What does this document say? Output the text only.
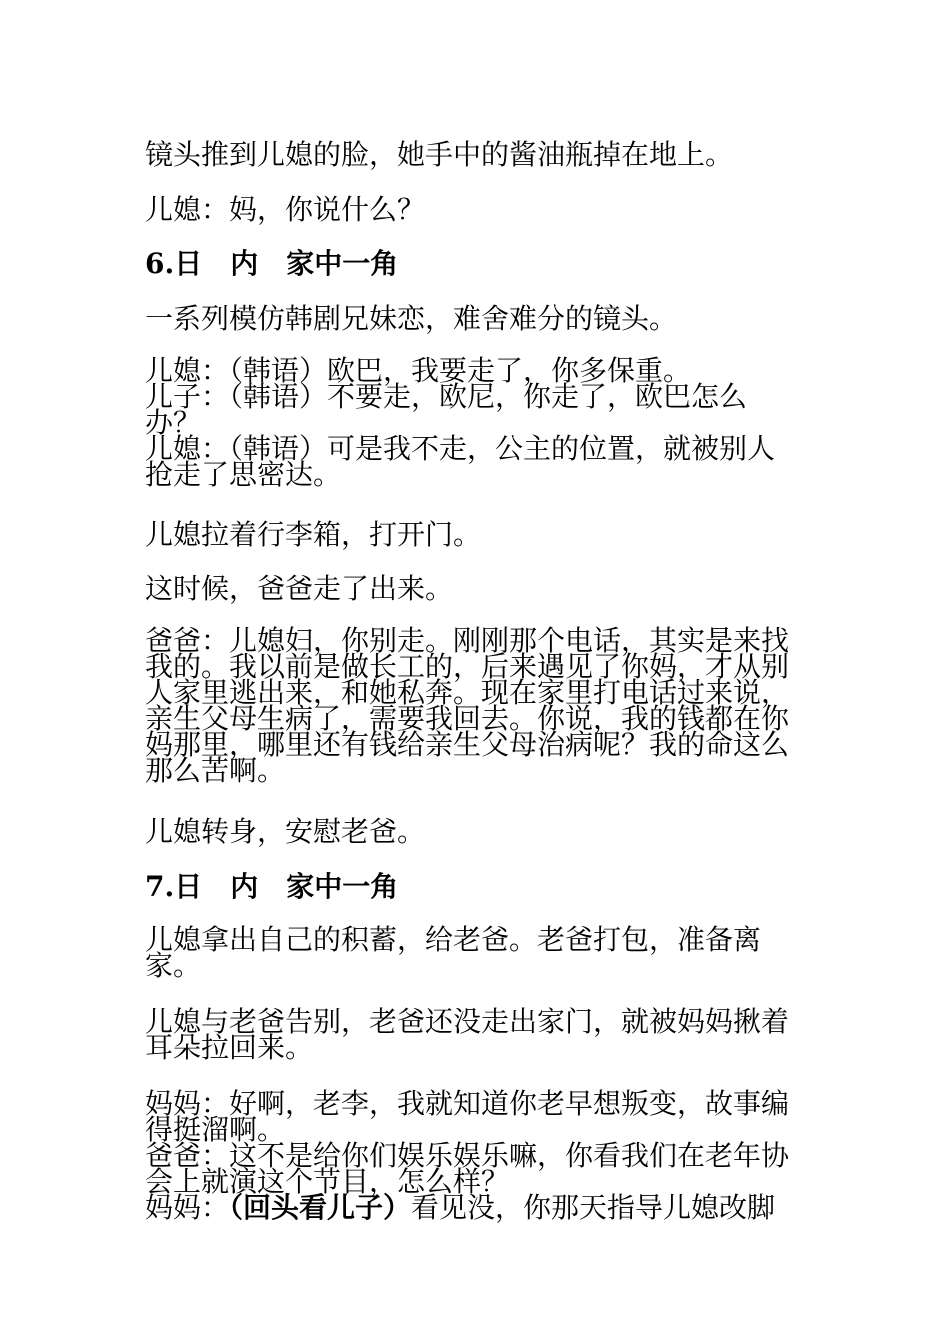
镜头推到儿媳的脸，她手中的酱油瓶掉在地上。
儿媳：妈，你说什么？
6.日　内　家中一角
一系列模仿韩剧兄妹恋，难舍难分的镜头。
儿媳：（韩语）欧巴，我要走了，你多保重。
儿子：（韩语）不要走，欧尼，你走了，欧巴怎么
办？
儿媳：（韩语）可是我不走，公主的位置，就被别人
抢走了思密达。
儿媳拉着行李箱，打开门。
这时候，爸爸走了出来。
爸爸：儿媳妇，你别走。刚刚那个电话，其实是来找
我的。我以前是做长工的，后来遇见了你妈，才从别
人家里逃出来，和她私奔。现在家里打电话过来说，
亲生父母生病了，需要我回去。你说，我的钱都在你
妈那里，哪里还有钱给亲生父母治病呢？我的命这么
那么苦啊。
儿媳转身，安慰老爸。
7.日　内　家中一角
儿媳拿出自己的积蓄，给老爸。老爸打包，准备离
家。
儿媳与老爸告别，老爸还没走出家门，就被妈妈揪着
耳朵拉回来。
妈妈：好啊，老李，我就知道你老早想叛变，故事编
得挺溜啊。
爸爸：这不是给你们娱乐娱乐嘛，你看我们在老年协
会上就演这个节目，怎么样？
妈妈：（回头看儿子）看见没，你那天指导儿媳改脚
